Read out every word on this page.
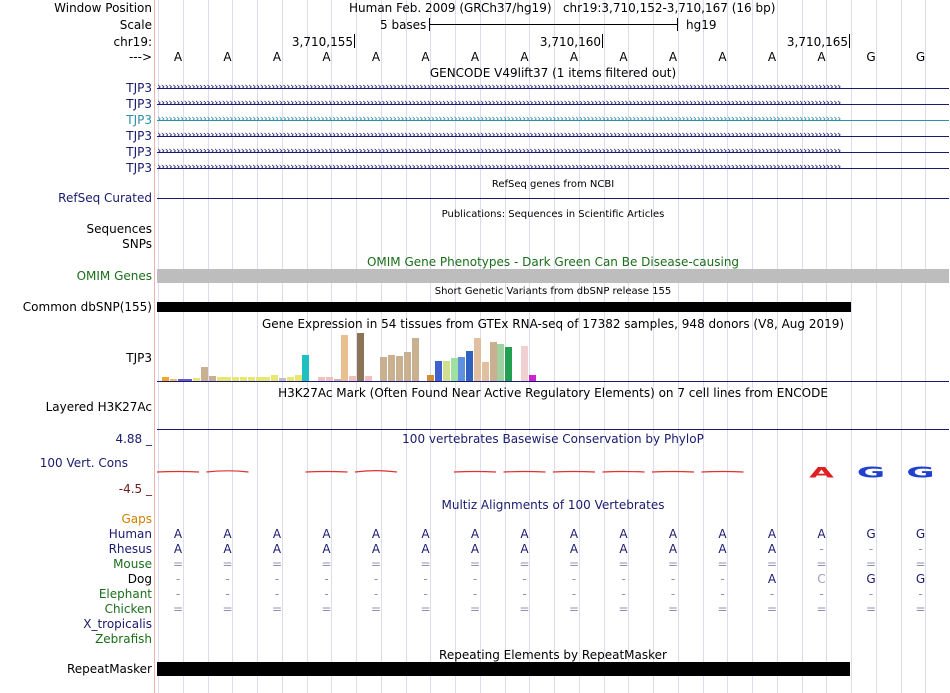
Window Position	Human Feb. 2009 (GRCh37/hg19)   chr19:3,710,152-3,710,167 (16 bp)
Scale	5 bases	hg19
chr19:	3,710,155	3,710,160	3,710,165
---> A	A	A	A	A	A	A	A	A	A	A	A	A	A	G	G
GENCODE V49lift37 (1 items filtered out)
TJP3 ››››››››››››››››››››››››››››››››››››››››››››››››››››››››››››››››››››››››››››››››››››››››››››››››››››››››››››››››››››››››››››››››››››››››››››››››››››››››››››››››››››››››››››››››››››
TJP3 ››››››››››››››››››››››››››››››››››››››››››››››››››››››››››››››››››››››››››››››››››››››››››››››››››››››››››››››››››››››››››››››››››››››››››››››››››››››››››››››››››››››››››››››››››››
TJP3 ››››››››››››››››››››››››››››››››››››››››››››››››››››››››››››››››››››››››››››››››››››››››››››››››››››››››››››››››››››››››››››››››››››››››››››››››››››››››››››››››››››››››››››››››››››
TJP3 ››››››››››››››››››››››››››››››››››››››››››››››››››››››››››››››››››››››››››››››››››››››››››››››››››››››››››››››››››››››››››››››››››››››››››››››››››››››››››››››››››››››››››››››››››››
TJP3 ››››››››››››››››››››››››››››››››››››››››››››››››››››››››››››››››››››››››››››››››››››››››››››››››››››››››››››››››››››››››››››››››››››››››››››››››››››››››››››››››››››››››››››››››››››
TJP3 ››››››››››››››››››››››››››››››››››››››››››››››››››››››››››››››››››››››››››››››››››››››››››››››››››››››››››››››››››››››››››››››››››››››››››››››››››››››››››››››››››››››››››››››››››››
RefSeq genes from NCBI
RefSeq Curated
Publications: Sequences in Scientific Articles
Sequences
SNPs
OMIM Gene Phenotypes - Dark Green Can Be Disease-causing
OMIM Genes
Short Genetic Variants from dbSNP release 155
Common dbSNP(155)
Gene Expression in 54 tissues from GTEx RNA-seq of 17382 samples, 948 donors (V8, Aug 2019)
TJP3
H3K27Ac Mark (Often Found Near Active Regulatory Elements) on 7 cell lines from ENCODE
Layered H3K27Ac
100 vertebrates Basewise Conservation by PhyloP
4.88 _
100 Vert. Cons
-4.5 _
A G G
Multiz Alignments of 100 Vertebrates
Gaps
Human A	A	A	A	A	A	A	A	A	A	A	A	A	A	G	G
Rhesus A	A	A	A	A	A	A	A	A	A	A	A	A	-	-	-
Mouse =	=	=	=	=	=	=	=	=	=	=	=	=	=	=	=
Dog	-	-	-	-	-	-	-	-	-	-	-	-	A	C	G	G
Elephant	-	-	-	-	-	-	-	-	-	-	-	-	-	-	-	-
Chicken =	=	=	=	=	=	=	=	=	=	=	=	=	=	=	=
X_tropicalis
Zebrafish
Repeating Elements by RepeatMasker
RepeatMasker
